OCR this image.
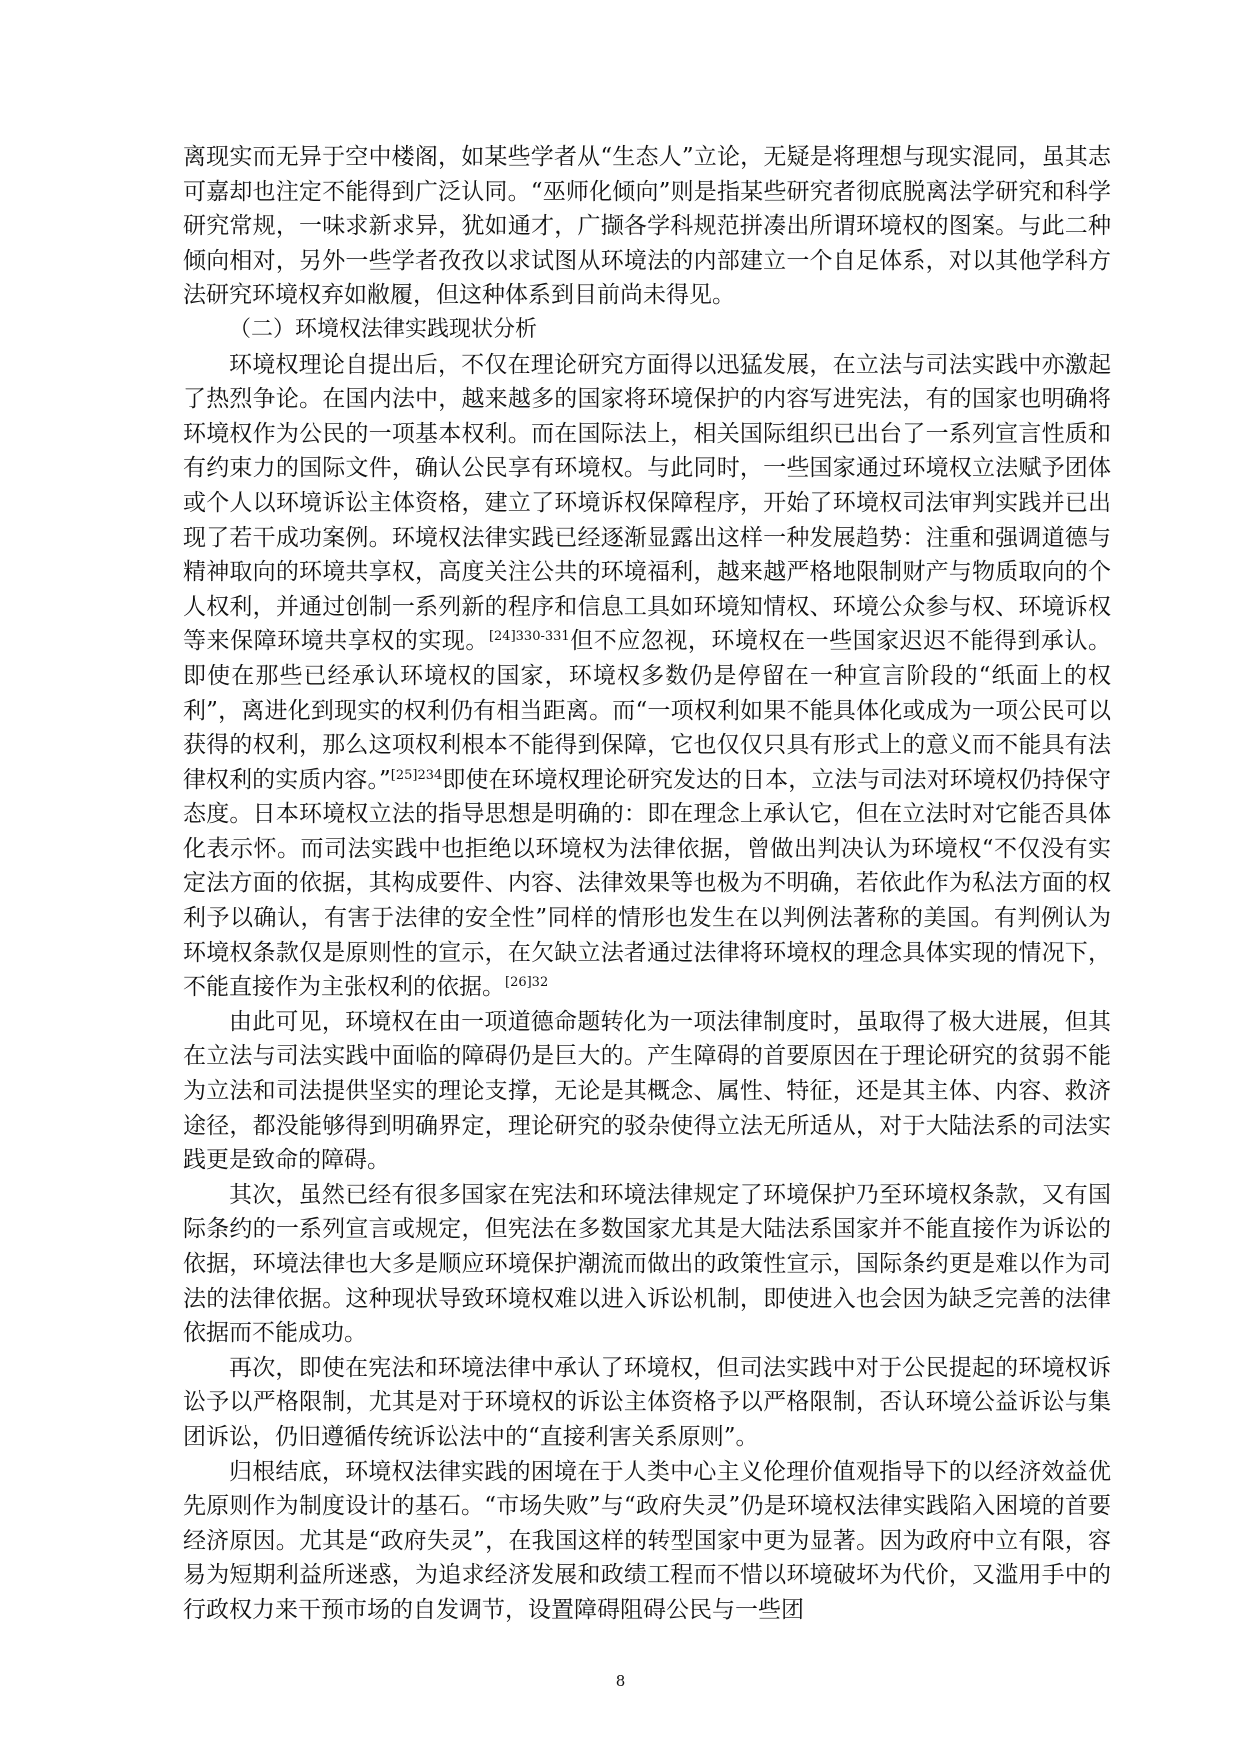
离现实而无异于空中楼阁，如某些学者从“生态人”立论，无疑是将理想与现实混同，虽其志可嘉却也注定不能得到广泛认同。“巫师化倾向”则是指某些研究者彻底脱离法学研究和科学研究常规，一味求新求异，犹如通才，广撷各学科规范拼凑出所谓环境权的图案。与此二种倾向相对，另外一些学者孜孜以求试图从环境法的内部建立一个自足体系，对以其他学科方法研究环境权弃如敝履，但这种体系到目前尚未得见。

（二）环境权法律实践现状分析

环境权理论自提出后，不仅在理论研究方面得以迅猛发展，在立法与司法实践中亦激起了热烈争论。在国内法中，越来越多的国家将环境保护的内容写进宪法，有的国家也明确将环境权作为公民的一项基本权利。而在国际法上，相关国际组织已出台了一系列宣言性质和有约束力的国际文件，确认公民享有环境权。与此同时，一些国家通过环境权立法赋予团体或个人以环境诉讼主体资格，建立了环境诉权保障程序，开始了环境权司法审判实践并已出现了若干成功案例。环境权法律实践已经逐渐显露出这样一种发展趋势：注重和强调道德与精神取向的环境共享权，高度关注公共的环境福利，越来越严格地限制财产与物质取向的个人权利，并通过创制一系列新的程序和信息工具如环境知情权、环境公众参与权、环境诉权等来保障环境共享权的实现。$^{[24]330-331}$但不应忽视，环境权在一些国家迟迟不能得到承认。即使在那些已经承认环境权的国家，环境权多数仍是停留在一种宣言阶段的“纸面上的权利”，离进化到现实的权利仍有相当距离。而“一项权利如果不能具体化或成为一项公民可以获得的权利，那么这项权利根本不能得到保障，它也仅仅只具有形式上的意义而不能具有法律权利的实质内容。”$^{[25]234}$即使在环境权理论研究发达的日本，立法与司法对环境权仍持保守态度。日本环境权立法的指导思想是明确的：即在理念上承认它，但在立法时对它能否具体化表示怀。而司法实践中也拒绝以环境权为法律依据，曾做出判决认为环境权“不仅没有实定法方面的依据，其构成要件、内容、法律效果等也极为不明确，若依此作为私法方面的权利予以确认，有害于法律的安全性”同样的情形也发生在以判例法著称的美国。有判例认为环境权条款仅是原则性的宣示，在欠缺立法者通过法律将环境权的理念具体实现的情况下，不能直接作为主张权利的依据。$^{[26]32}$

由此可见，环境权在由一项道德命题转化为一项法律制度时，虽取得了极大进展，但其在立法与司法实践中面临的障碍仍是巨大的。产生障碍的首要原因在于理论研究的贫弱不能为立法和司法提供坚实的理论支撑，无论是其概念、属性、特征，还是其主体、内容、救济途径，都没能够得到明确界定，理论研究的驳杂使得立法无所适从，对于大陆法系的司法实践更是致命的障碍。

其次，虽然已经有很多国家在宪法和环境法律规定了环境保护乃至环境权条款，又有国际条约的一系列宣言或规定，但宪法在多数国家尤其是大陆法系国家并不能直接作为诉讼的依据，环境法律也大多是顺应环境保护潮流而做出的政策性宣示，国际条约更是难以作为司法的法律依据。这种现状导致环境权难以进入诉讼机制，即使进入也会因为缺乏完善的法律依据而不能成功。

再次，即使在宪法和环境法律中承认了环境权，但司法实践中对于公民提起的环境权诉讼予以严格限制，尤其是对于环境权的诉讼主体资格予以严格限制，否认环境公益诉讼与集团诉讼，仍旧遵循传统诉讼法中的“直接利害关系原则”。

归根结底，环境权法律实践的困境在于人类中心主义伦理价值观指导下的以经济效益优先原则作为制度设计的基石。“市场失败”与“政府失灵”仍是环境权法律实践陷入困境的首要经济原因。尤其是“政府失灵”，在我国这样的转型国家中更为显著。因为政府中立有限，容易为短期利益所迷惑，为追求经济发展和政绩工程而不惜以环境破坏为代价，又滥用手中的行政权力来干预市场的自发调节，设置障碍阻碍公民与一些团

8
